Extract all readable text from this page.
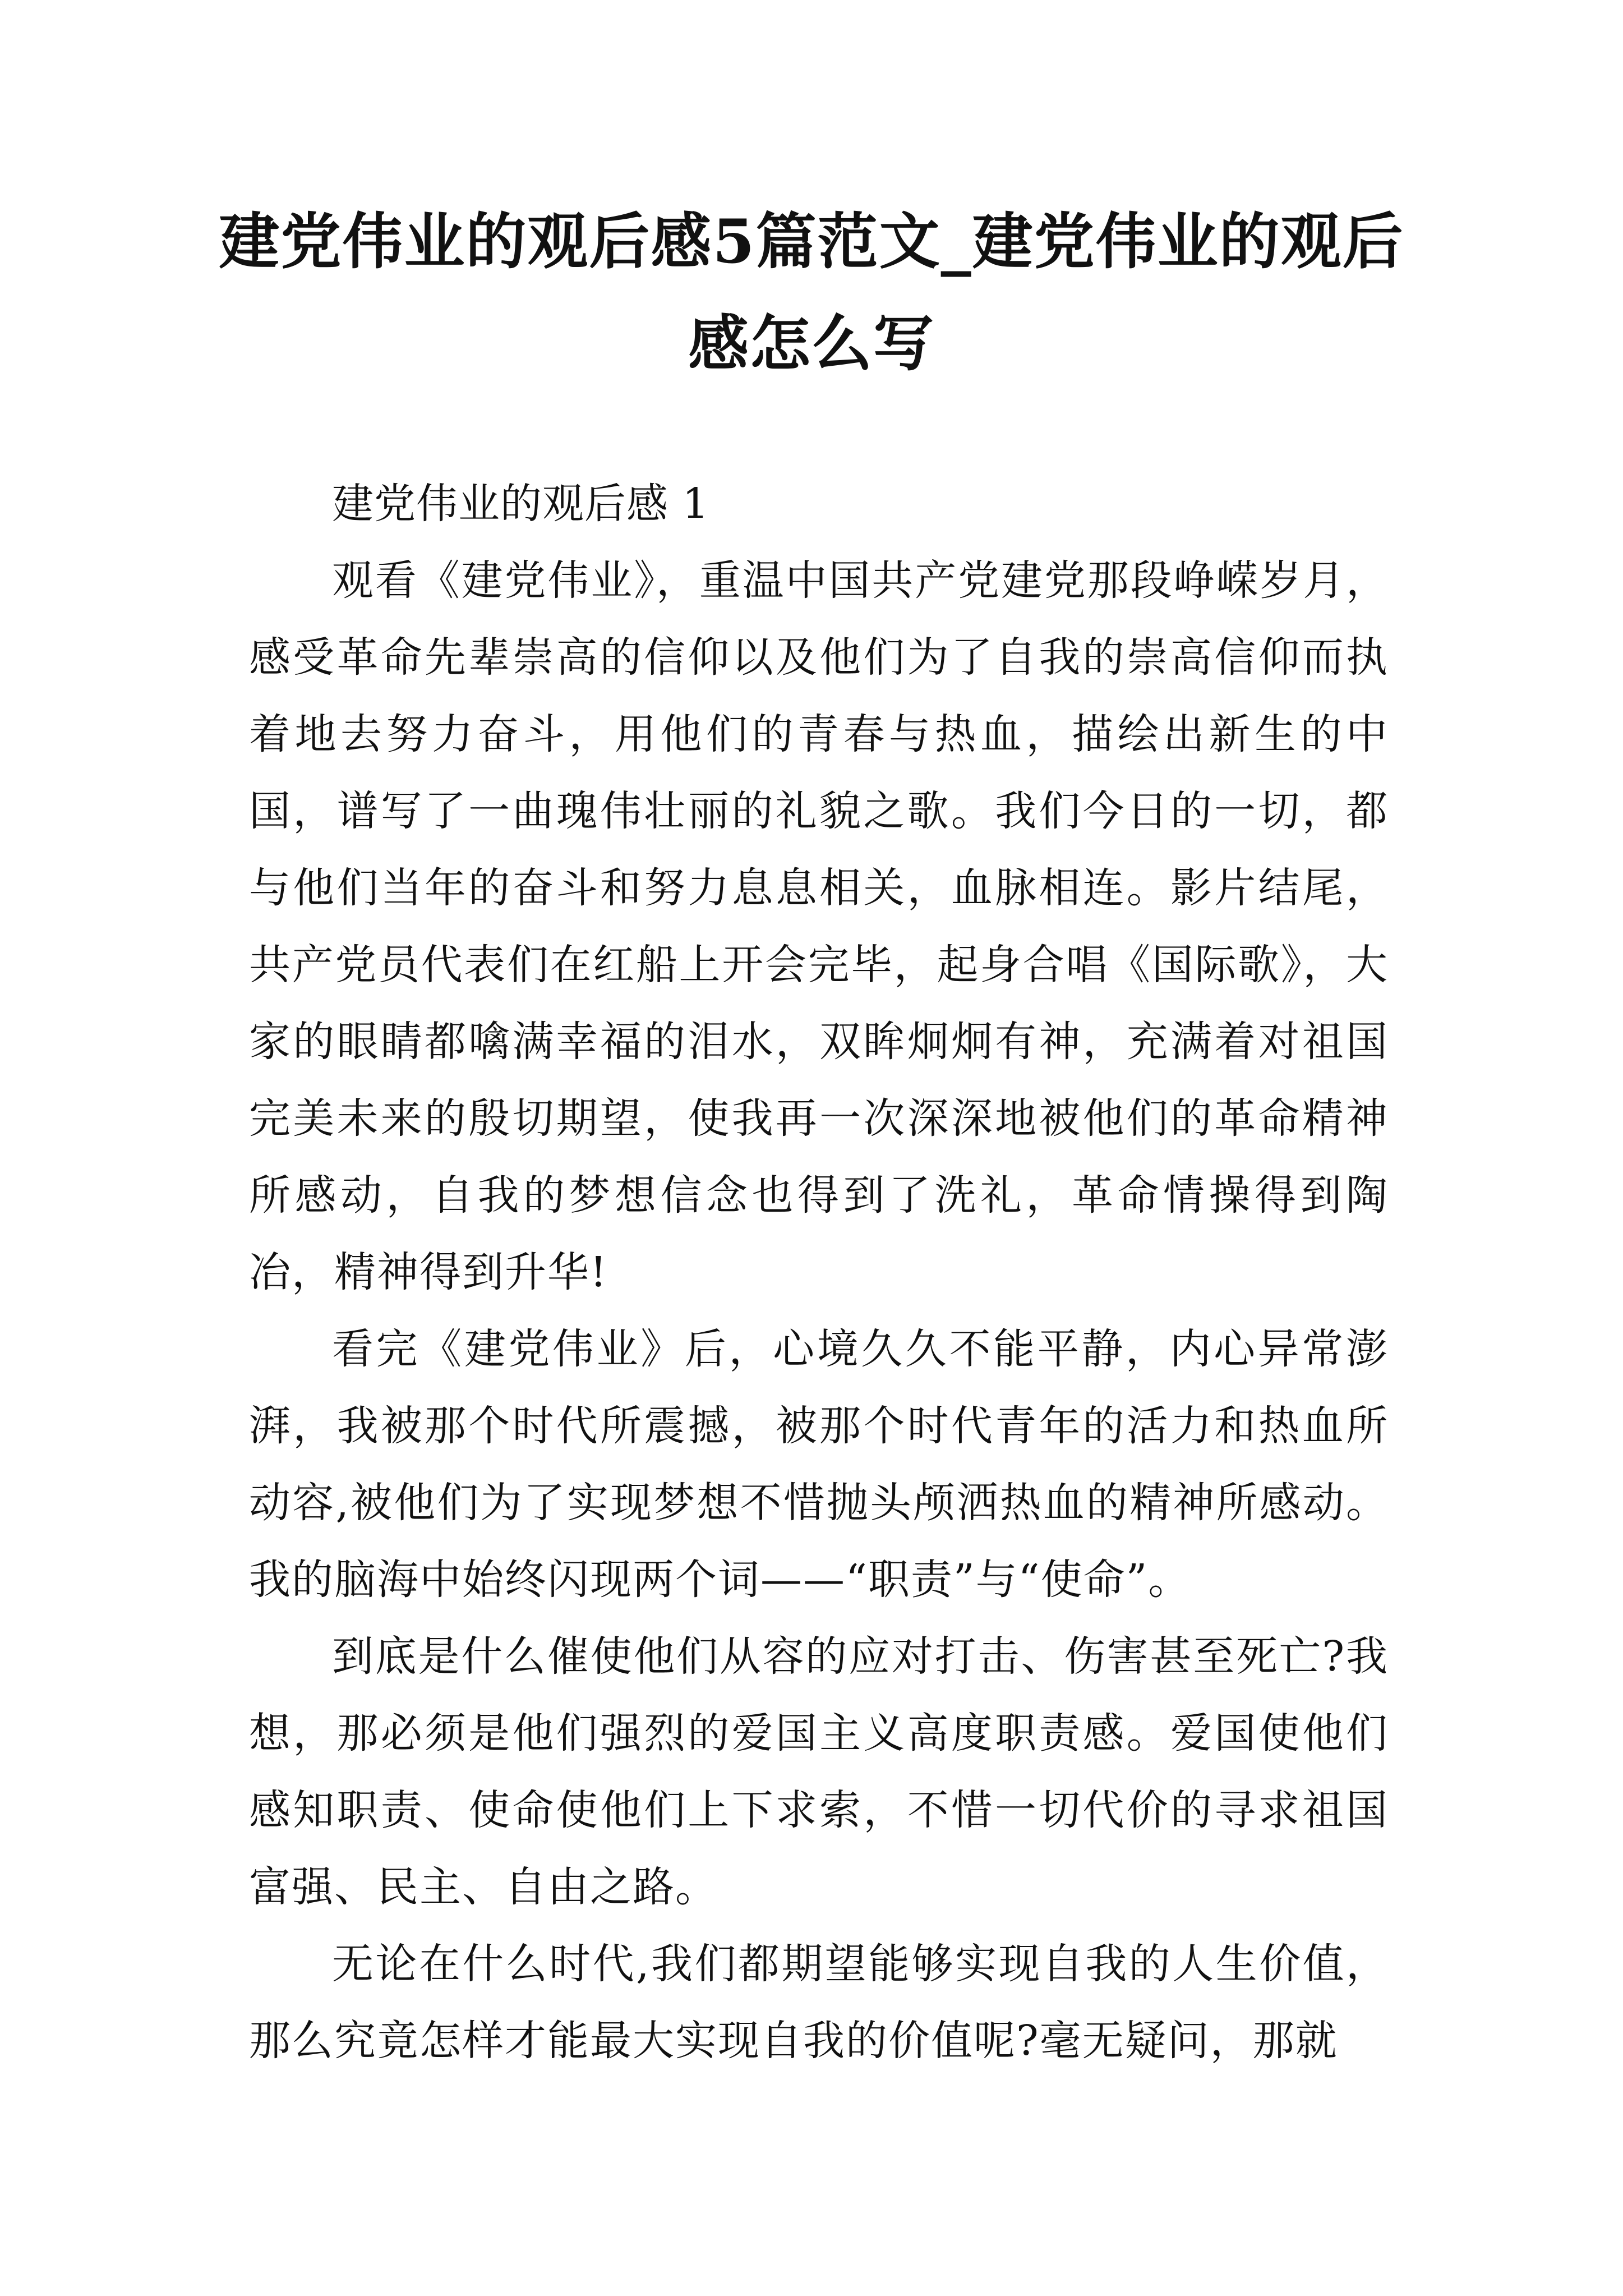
建党伟业的观后感5篇范文_建党伟业的观后感怎么写

建党伟业的观后感 1

观看《建党伟业》，重温中国共产党建党那段峥嵘岁月，感受革命先辈崇高的信仰以及他们为了自我的崇高信仰而执着地去努力奋斗，用他们的青春与热血，描绘出新生的中国，谱写了一曲瑰伟壮丽的礼貌之歌。我们今日的一切，都与他们当年的奋斗和努力息息相关，血脉相连。影片结尾，共产党员代表们在红船上开会完毕，起身合唱《国际歌》，大家的眼睛都噙满幸福的泪水，双眸炯炯有神，充满着对祖国完美未来的殷切期望，使我再一次深深地被他们的革命精神所感动，自我的梦想信念也得到了洗礼，革命情操得到陶冶，精神得到升华!

看完《建党伟业》后，心境久久不能平静，内心异常澎湃，我被那个时代所震撼，被那个时代青年的活力和热血所动容,被他们为了实现梦想不惜抛头颅洒热血的精神所感动。我的脑海中始终闪现两个词——“职责”与“使命”。

到底是什么催使他们从容的应对打击、伤害甚至死亡?我想，那必须是他们强烈的爱国主义高度职责感。爱国使他们感知职责、使命使他们上下求索，不惜一切代价的寻求祖国富强、民主、自由之路。

无论在什么时代,我们都期望能够实现自我的人生价值，那么究竟怎样才能最大实现自我的价值呢?毫无疑问，那就
